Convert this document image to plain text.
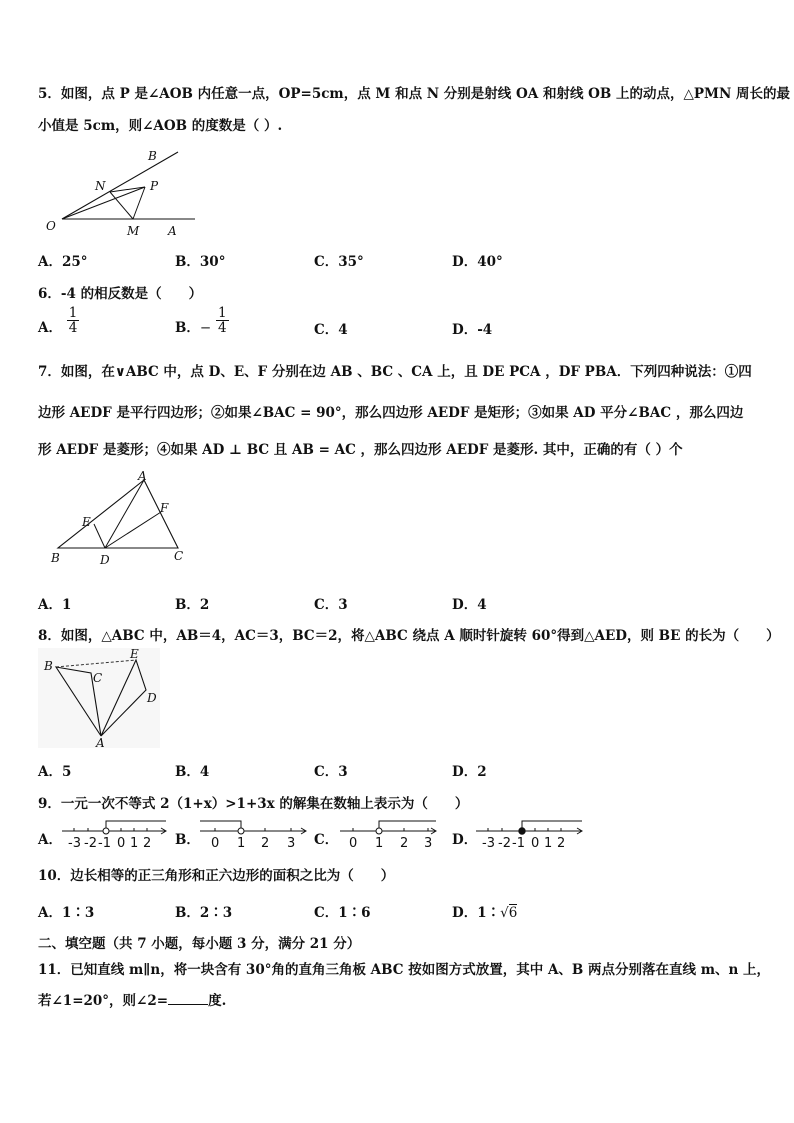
5．如图，点 P 是∠AOB 内任意一点，OP=5cm，点 M 和点 N 分别是射线 OA 和射线 OB 上的动点，△PMN 周长的最
小值是 5cm，则∠AOB 的度数是（ ）.
B
N	P
O	M A
A．25°	B．30°	C．35°	D．40°
6．-4 的相反数是（　　）
A． $\frac{1}{4}$	B．− $\frac{1}{4}$	C．4	D．-4
7．如图，在∨ABC 中，点 D、E、F 分别在边 AB 、BC 、CA 上，且 DE PCA ，DF PBA．下列四种说法：①四
边形 AEDF 是平行四边形；②如果∠BAC = 90°，那么四边形 AEDF 是矩形；③如果 AD 平分∠BAC ，那么四边
形 AEDF 是菱形；④如果 AD ⊥ BC 且 AB = AC ，那么四边形 AEDF 是菱形. 其中，正确的有（ ）个
A
E
F
B	D	C
A．1	B．2	C．3	D．4
8．如图，△ABC 中，AB＝4，AC＝3，BC＝2，将△ABC 绕点 A 顺时针旋转 60°得到△AED，则 BE 的长为（　　）
B
E
C
D
A
A．5	B．4	C．3	D．2
9．一元一次不等式 2（1+x）>1+3x 的解集在数轴上表示为（　　）
A． -3 -2 -1 0 1 2 B． 0 1 2 3 C． 0 1 2 3 D． -3 -2 -1 0 1 2
10．边长相等的正三角形和正六边形的面积之比为（　　）
A．1∶3	B．2∶3	C．1∶6	D．1∶√6
二、填空题（共 7 小题，每小题 3 分，满分 21 分）
11．已知直线 m∥n，将一块含有 30°角的直角三角板 ABC 按如图方式放置，其中 A、B 两点分别落在直线 m、n 上，
若∠1=20°，则∠2=	度.
